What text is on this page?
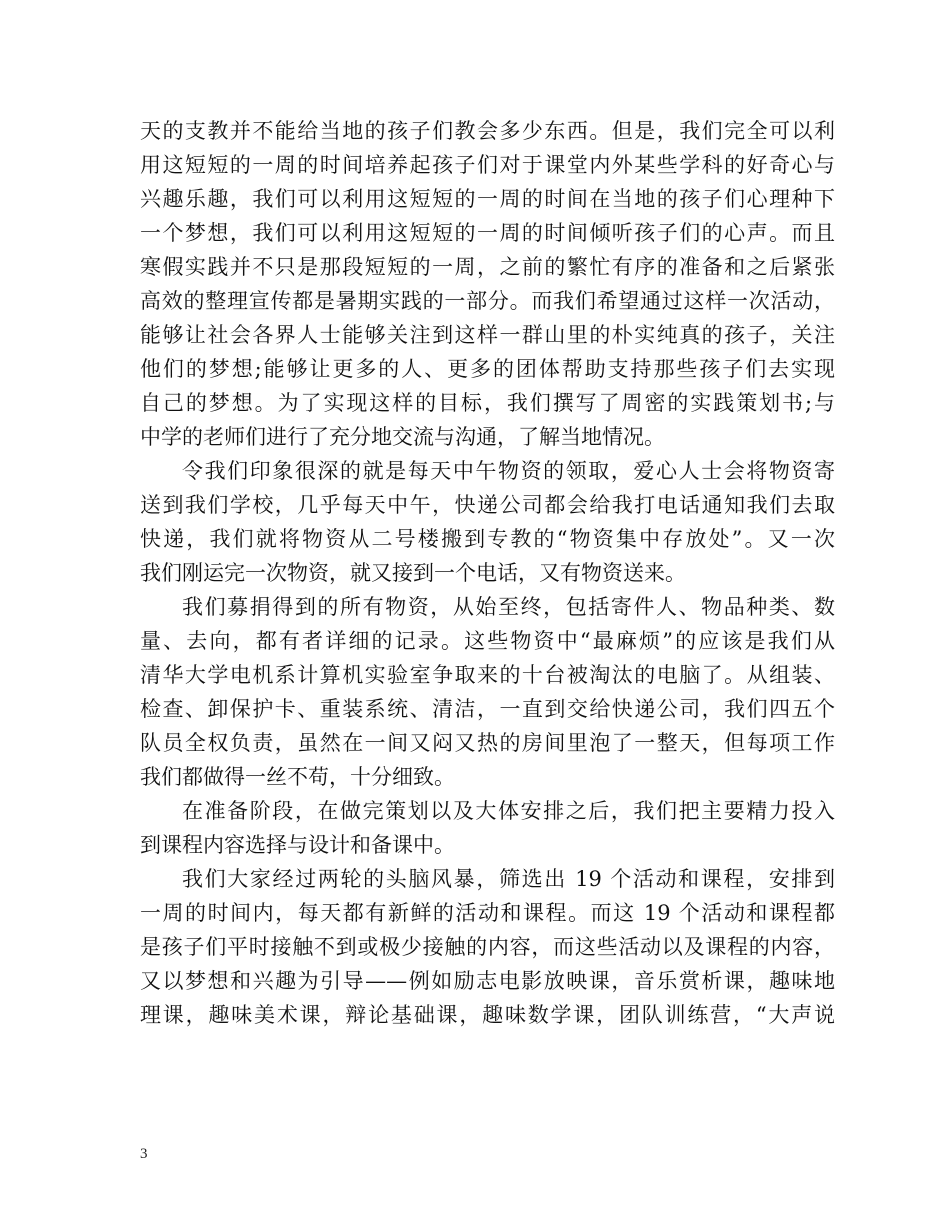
天的支教并不能给当地的孩子们教会多少东西。但是，我们完全可以利
用这短短的一周的时间培养起孩子们对于课堂内外某些学科的好奇心与
兴趣乐趣，我们可以利用这短短的一周的时间在当地的孩子们心理种下
一个梦想，我们可以利用这短短的一周的时间倾听孩子们的心声。而且
寒假实践并不只是那段短短的一周，之前的繁忙有序的准备和之后紧张
高效的整理宣传都是暑期实践的一部分。而我们希望通过这样一次活动，
能够让社会各界人士能够关注到这样一群山里的朴实纯真的孩子，关注
他们的梦想;能够让更多的人、更多的团体帮助支持那些孩子们去实现
自己的梦想。为了实现这样的目标，我们撰写了周密的实践策划书;与
中学的老师们进行了充分地交流与沟通，了解当地情况。
令我们印象很深的就是每天中午物资的领取，爱心人士会将物资寄
送到我们学校，几乎每天中午，快递公司都会给我打电话通知我们去取
快递，我们就将物资从二号楼搬到专教的“物资集中存放处”。又一次
我们刚运完一次物资，就又接到一个电话，又有物资送来。
我们募捐得到的所有物资，从始至终，包括寄件人、物品种类、数
量、去向，都有者详细的记录。这些物资中“最麻烦”的应该是我们从
清华大学电机系计算机实验室争取来的十台被淘汰的电脑了。从组装、
检查、卸保护卡、重装系统、清洁，一直到交给快递公司，我们四五个
队员全权负责，虽然在一间又闷又热的房间里泡了一整天，但每项工作
我们都做得一丝不苟，十分细致。
在准备阶段，在做完策划以及大体安排之后，我们把主要精力投入
到课程内容选择与设计和备课中。
我们大家经过两轮的头脑风暴，筛选出 19 个活动和课程，安排到
一周的时间内，每天都有新鲜的活动和课程。而这 19 个活动和课程都
是孩子们平时接触不到或极少接触的内容，而这些活动以及课程的内容，
又以梦想和兴趣为引导——例如励志电影放映课，音乐赏析课，趣味地
理课，趣味美术课，辩论基础课，趣味数学课，团队训练营，“大声说
3
